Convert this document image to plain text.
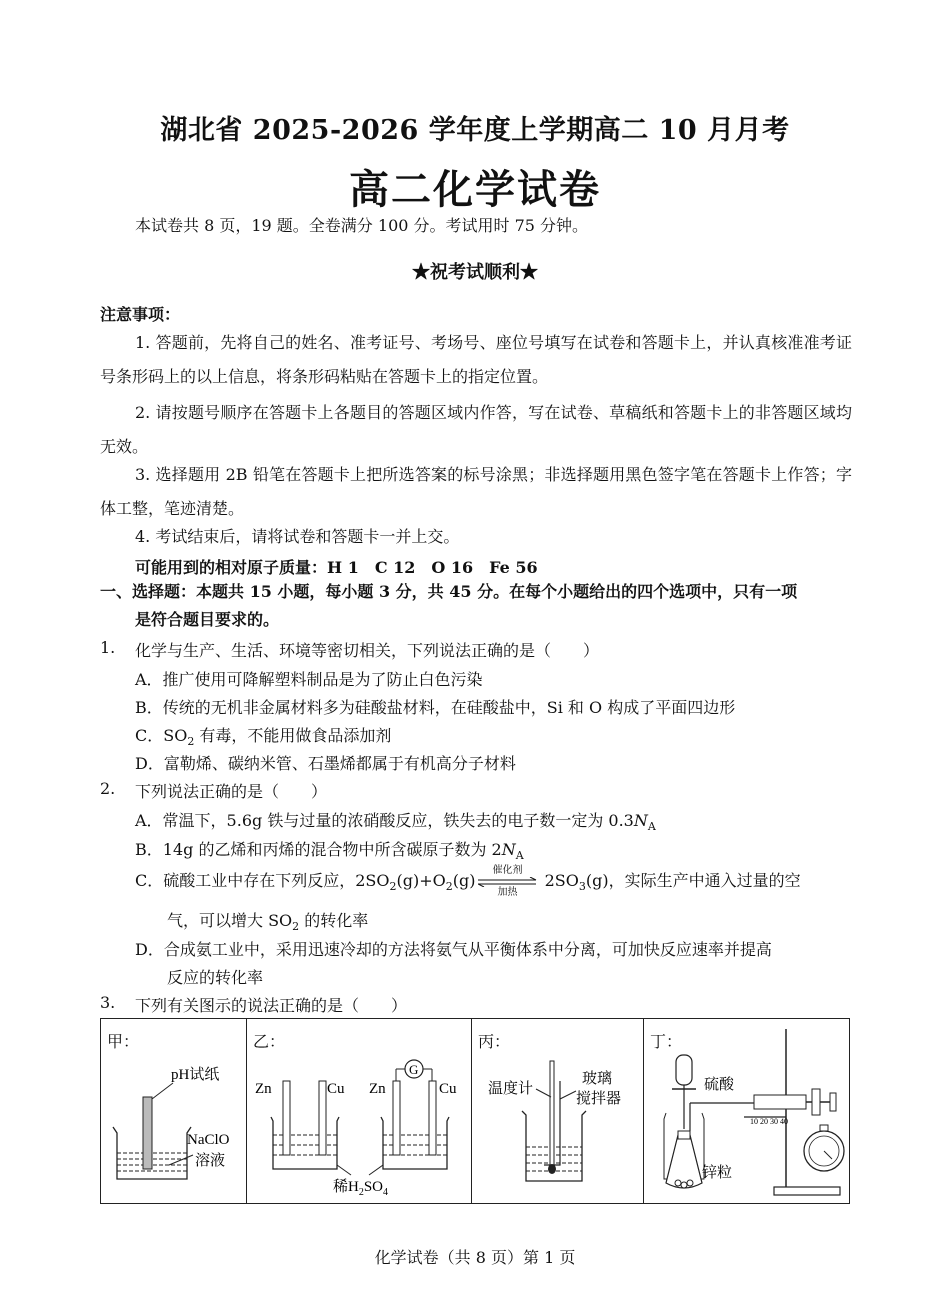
湖北省 2025-2026 学年度上学期高二 10 月月考
高二化学试卷
本试卷共 8 页，19 题。全卷满分 100 分。考试用时 75 分钟。
★祝考试顺利★
注意事项：
1. 答题前，先将自己的姓名、准考证号、考场号、座位号填写在试卷和答题卡上，并认真核准准考证号条形码上的以上信息，将条形码粘贴在答题卡上的指定位置。
2. 请按题号顺序在答题卡上各题目的答题区域内作答，写在试卷、草稿纸和答题卡上的非答题区域均无效。
3. 选择题用 2B 铅笔在答题卡上把所选答案的标号涂黑；非选择题用黑色签字笔在答题卡上作答；字体工整，笔迹清楚。
4. 考试结束后，请将试卷和答题卡一并上交。
可能用到的相对原子质量：H 1　C 12　O 16　Fe 56
一、选择题：本题共 15 小题，每小题 3 分，共 45 分。在每个小题给出的四个选项中，只有一项
是符合题目要求的。
1. 化学与生产、生活、环境等密切相关，下列说法正确的是（　　）
A．推广使用可降解塑料制品是为了防止白色污染
B．传统的无机非金属材料多为硅酸盐材料，在硅酸盐中，Si 和 O 构成了平面四边形
C．$SO_2$ 有毒，不能用做食品添加剂
D．富勒烯、碳纳米管、石墨烯都属于有机高分子材料
2. 下列说法正确的是（　　）
A．常温下，5.6g 铁与过量的浓硝酸反应，铁失去的电子数一定为 $0.3N_A$
B．14g 的乙烯和丙烯的混合物中所含碳原子数为 $2N_A$
C．硫酸工业中存在下列反应，$2SO_2(g)+O_2(g)$
催化剂
加热
$2SO_3(g)$，实际生产中通入过量的空
气，可以增大 $SO_2$ 的转化率
D．合成氨工业中，采用迅速冷却的方法将氨气从平衡体系中分离，可加快反应速率并提高
反应的转化率
3. 下列有关图示的说法正确的是（　　）
甲：
pH试纸
NaClO
溶液

乙：
Zn	Cu
G
Zn	Cu
稀$H_2SO_4$

丙：
温度计
玻璃
搅拌器

丁：
10 20 30 40
硫酸
锌粒
化学试卷（共 8 页）第 1 页
